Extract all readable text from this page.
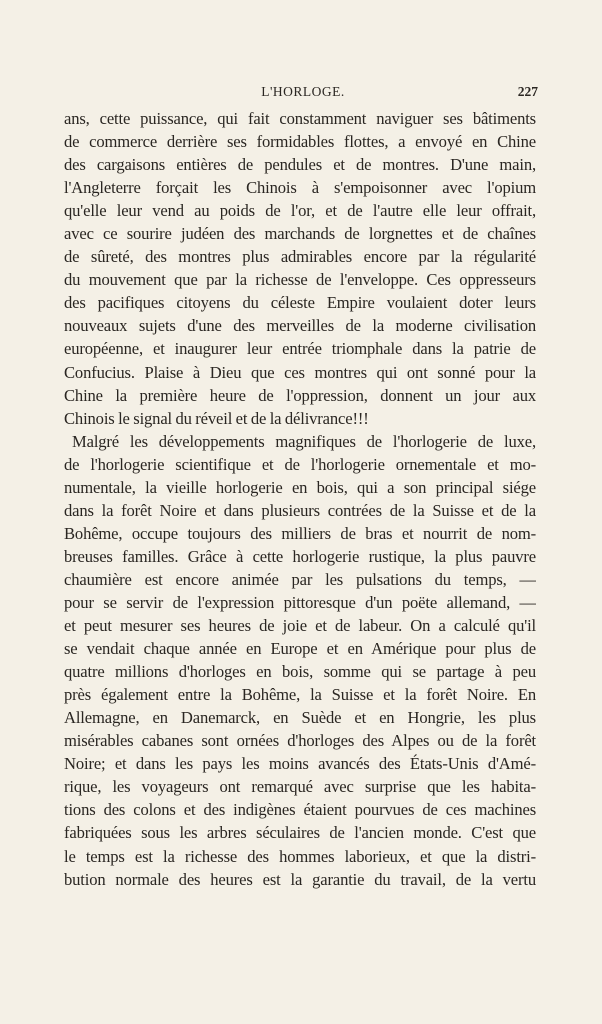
L'HORLOGE.	227
ans, cette puissance, qui fait constamment naviguer ses bâtiments
de commerce derrière ses formidables flottes, a envoyé en Chine
des cargaisons entières de pendules et de montres. D'une main,
l'Angleterre forçait les Chinois à s'empoisonner avec l'opium
qu'elle leur vend au poids de l'or, et de l'autre elle leur offrait,
avec ce sourire judéen des marchands de lorgnettes et de chaînes
de sûreté, des montres plus admirables encore par la régularité
du mouvement que par la richesse de l'enveloppe. Ces oppresseurs
des pacifiques citoyens du céleste Empire voulaient doter leurs
nouveaux sujets d'une des merveilles de la moderne civilisation
européenne, et inaugurer leur entrée triomphale dans la patrie de
Confucius. Plaise à Dieu que ces montres qui ont sonné pour la
Chine la première heure de l'oppression, donnent un jour aux
Chinois le signal du réveil et de la délivrance!!!
Malgré les développements magnifiques de l'horlogerie de luxe,
de l'horlogerie scientifique et de l'horlogerie ornementale et mo-
numentale, la vieille horlogerie en bois, qui a son principal siége
dans la forêt Noire et dans plusieurs contrées de la Suisse et de la
Bohême, occupe toujours des milliers de bras et nourrit de nom-
breuses familles. Grâce à cette horlogerie rustique, la plus pauvre
chaumière est encore animée par les pulsations du temps, —
pour se servir de l'expression pittoresque d'un poëte allemand, —
et peut mesurer ses heures de joie et de labeur. On a calculé qu'il
se vendait chaque année en Europe et en Amérique pour plus de
quatre millions d'horloges en bois, somme qui se partage à peu
près également entre la Bohême, la Suisse et la forêt Noire. En
Allemagne, en Danemarck, en Suède et en Hongrie, les plus
misérables cabanes sont ornées d'horloges des Alpes ou de la forêt
Noire; et dans les pays les moins avancés des États-Unis d'Amé-
rique, les voyageurs ont remarqué avec surprise que les habita-
tions des colons et des indigènes étaient pourvues de ces machines
fabriquées sous les arbres séculaires de l'ancien monde. C'est que
le temps est la richesse des hommes laborieux, et que la distri-
bution normale des heures est la garantie du travail, de la vertu
